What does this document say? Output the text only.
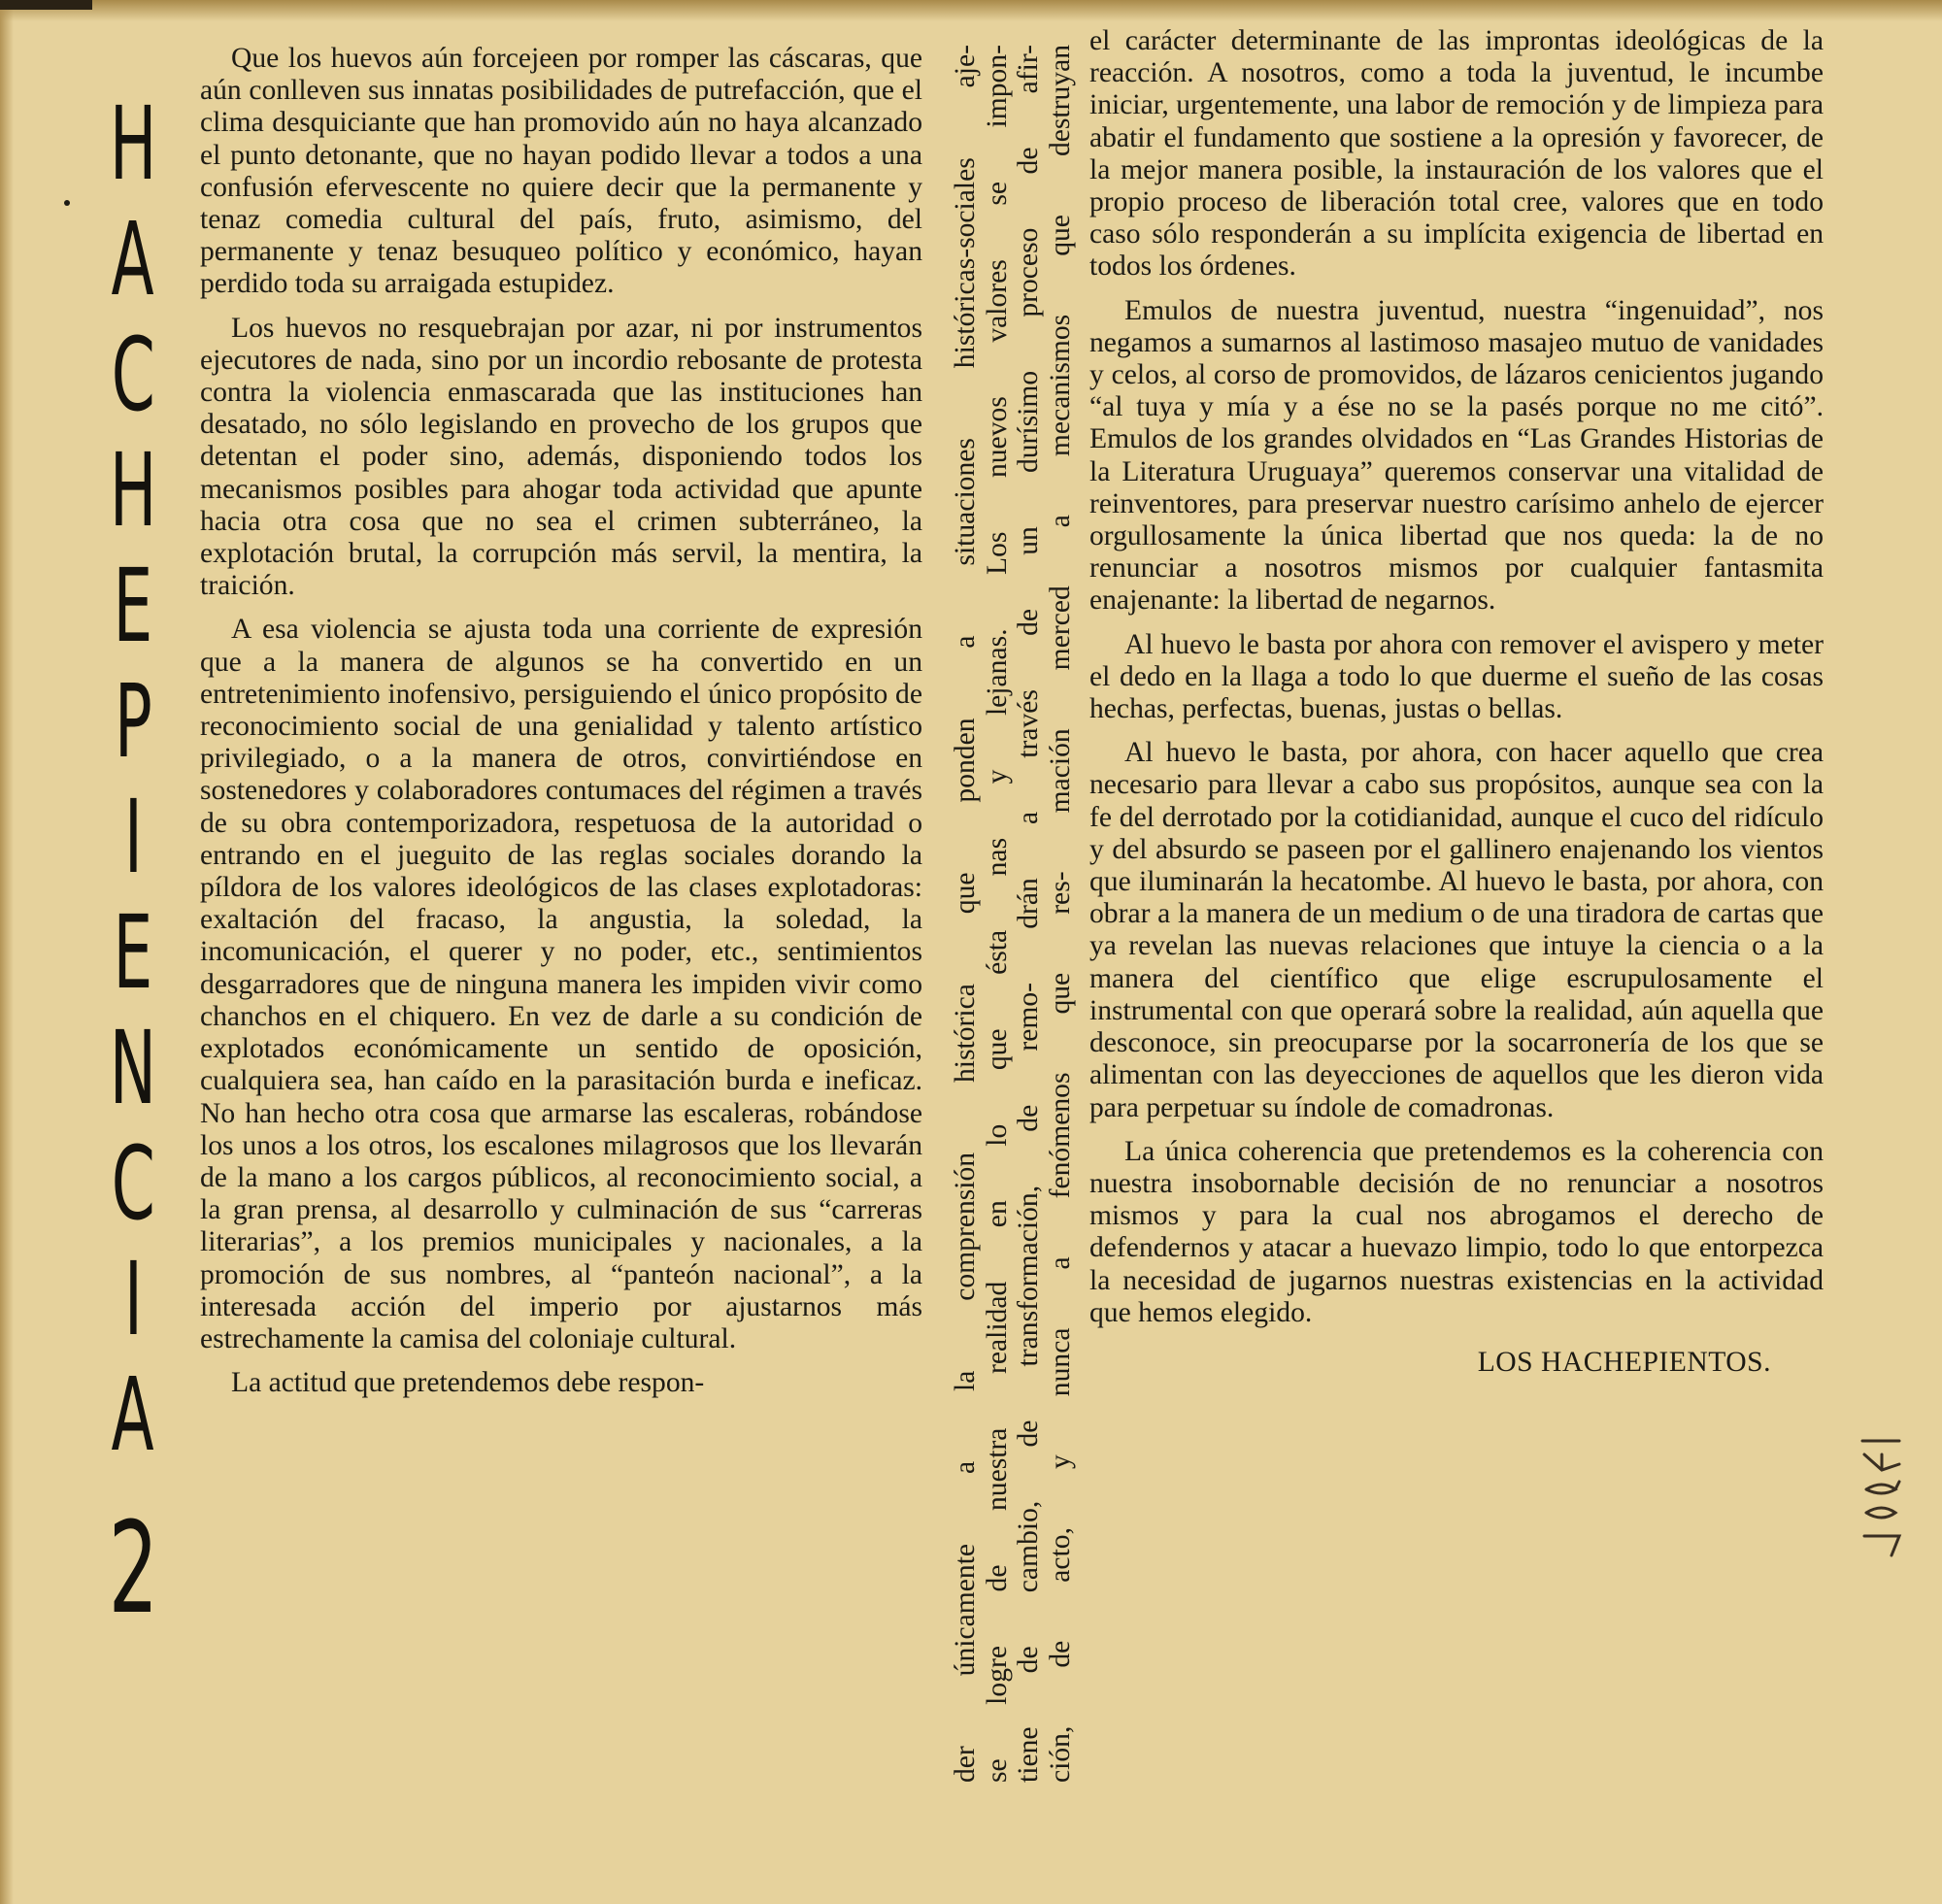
H
A
C
H
E
P
I
E
N
C
I
A
2

Que los huevos aún forcejeen por romper las cáscaras, que aún conlleven sus innatas posibilidades de putrefacción, que el clima desquiciante que han promovido aún no haya alcanzado el punto detonante, que no hayan podido llevar a todos a una confusión efervescente no quiere decir que la permanente y tenaz comedia cultural del país, fruto, asimismo, del permanente y tenaz besuqueo político y económico, hayan perdido toda su arraigada estupidez.

Los huevos no resquebrajan por azar, ni por instrumentos ejecutores de nada, sino por un incordio rebosante de protesta contra la violencia enmascarada que las instituciones han desatado, no sólo legislando en provecho de los grupos que detentan el poder sino, además, disponiendo todos los mecanismos posibles para ahogar toda actividad que apunte hacia otra cosa que no sea el crimen subterráneo, la explotación brutal, la corrupción más servil, la mentira, la traición.

A esa violencia se ajusta toda una corriente de expresión que a la manera de algunos se ha convertido en un entretenimiento inofensivo, persiguiendo el único propósito de reconocimiento social de una genialidad y talento artístico privilegiado, o a la manera de otros, convirtiéndose en sostenedores y colaboradores contumaces del régimen a través de su obra contemporizadora, respetuosa de la autoridad o entrando en el jueguito de las reglas sociales dorando la píldora de los valores ideológicos de las clases explotadoras: exaltación del fracaso, la angustia, la soledad, la incomunicación, el querer y no poder, etc., sentimientos desgarradores que de ninguna manera les impiden vivir como chanchos en el chiquero. En vez de darle a su condición de explotados económicamente un sentido de oposición, cualquiera sea, han caído en la parasitación burda e ineficaz. No han hecho otra cosa que armarse las escaleras, robándose los unos a los otros, los escalones milagrosos que los llevarán de la mano a los cargos públicos, al reconocimiento social, a la gran prensa, al desarrollo y culminación de sus “carreras literarias”, a los premios municipales y nacionales, a la promoción de sus nombres, al “panteón nacional”, a la interesada acción del imperio por ajustarnos más estrechamente la camisa del coloniaje cultural.

La actitud que pretendemos debe respon-	der únicamente a la comprensión histórica que ponden a situaciones históricas-sociales aje- se logre de nuestra realidad en lo que ésta nas y lejanas. Los nuevos valores se impon- tiene de cambio, de transformación, de remo- drán a través de un durísimo proceso de afir- ción, de acto, y nunca a fenómenos que res- mación merced a mecanismos que destruyan

el carácter determinante de las improntas ideológicas de la reacción. A nosotros, como a toda la juventud, le incumbe iniciar, urgentemente, una labor de remoción y de limpieza para abatir el fundamento que sostiene a la opresión y favorecer, de la mejor manera posible, la instauración de los valores que el propio proceso de liberación total cree, valores que en todo caso sólo responderán a su implícita exigencia de libertad en todos los órdenes.

Emulos de nuestra juventud, nuestra “ingenuidad”, nos negamos a sumarnos al lastimoso masajeo mutuo de vanidades y celos, al corso de promovidos, de lázaros cenicientos jugando “al tuya y mía y a ése no se la pasés porque no me citó”. Emulos de los grandes olvidados en “Las Grandes Historias de la Literatura Uruguaya” queremos conservar una vitalidad de reinventores, para preservar nuestro carísimo anhelo de ejercer orgullosamente la única libertad que nos queda: la de no renunciar a nosotros mismos por cualquier fantasmita enajenante: la libertad de negarnos.

Al huevo le basta por ahora con remover el avispero y meter el dedo en la llaga a todo lo que duerme el sueño de las cosas hechas, perfectas, buenas, justas o bellas.

Al huevo le basta, por ahora, con hacer aquello que crea necesario para llevar a cabo sus propósitos, aunque sea con la fe del derrotado por la cotidianidad, aunque el cuco del ridículo y del absurdo se paseen por el gallinero enajenando los vientos que iluminarán la hecatombe. Al huevo le basta, por ahora, con obrar a la manera de un medium o de una tiradora de cartas que ya revelan las nuevas relaciones que intuye la ciencia o a la manera del científico que elige escrupulosamente el instrumental con que operará sobre la realidad, aún aquella que desconoce, sin preocuparse por la socarronería de los que se alimentan con las deyecciones de aquellos que les dieron vida para perpetuar su índole de comadronas.

La única coherencia que pretendemos es la coherencia con nuestra insobornable decisión de no renunciar a nosotros mismos y para la cual nos abrogamos el derecho de defendernos y atacar a huevazo limpio, todo lo que entorpezca la necesidad de jugarnos nuestras existencias en la actividad que hemos elegido.

LOS HACHEPIENTOS.
